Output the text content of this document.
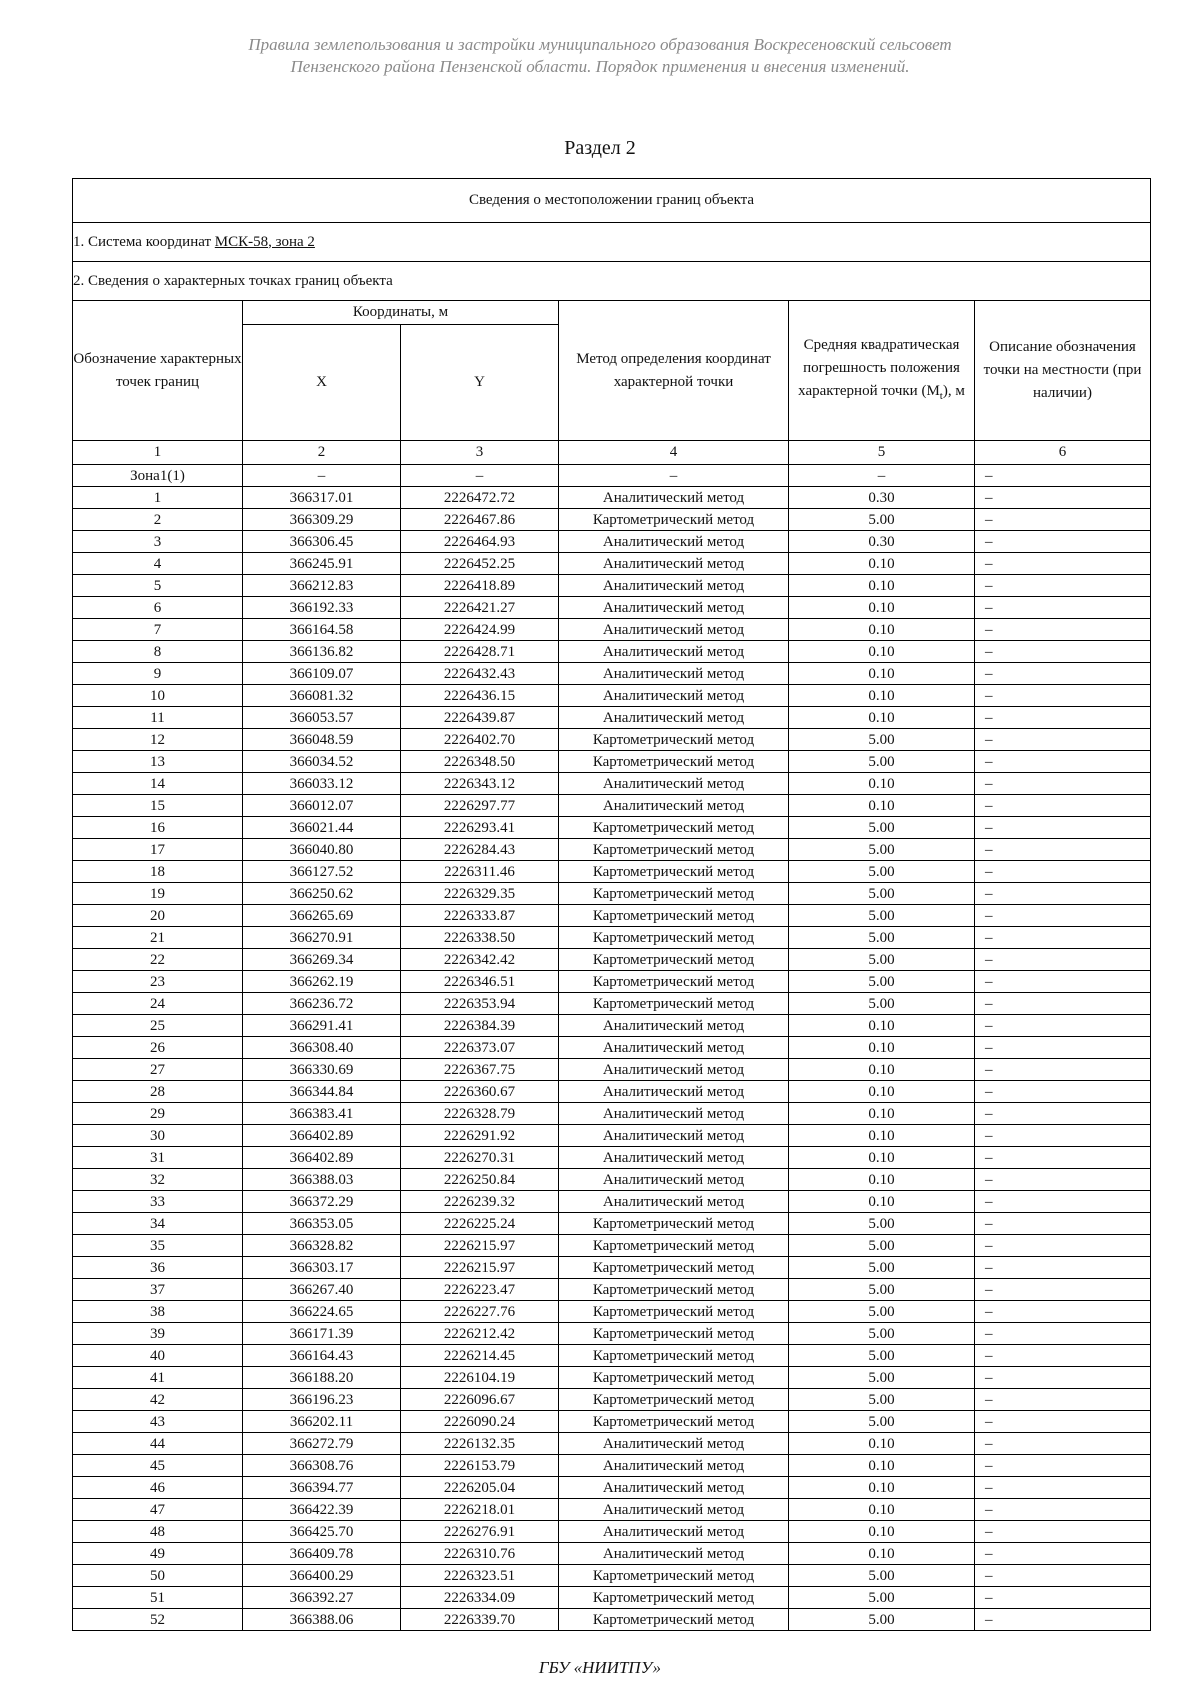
Правила землепользования и застройки муниципального образования Воскресеновский сельсовет
Пензенского района Пензенской области. Порядок применения и внесения изменений.
Раздел 2
Сведения о местоположении границ объекта					
1. Система координат МСК-58, зона 2					
2. Сведения о характерных точках границ объекта					
Обозначение характерных точек границ	Координаты, м		Метод определения координат характерной точки	Средняя квадратическая погрешность положения характерной точки $(M_t)$, м	Описание обозначения точки на местности (при наличии)
	X	Y			
1	2	3	4	5	6
Зона1(1)	–	–	–	–	–
1	366317.01	2226472.72	Аналитический метод	0.30	–
2	366309.29	2226467.86	Картометрический метод	5.00	–
3	366306.45	2226464.93	Аналитический метод	0.30	–
4	366245.91	2226452.25	Аналитический метод	0.10	–
5	366212.83	2226418.89	Аналитический метод	0.10	–
6	366192.33	2226421.27	Аналитический метод	0.10	–
7	366164.58	2226424.99	Аналитический метод	0.10	–
8	366136.82	2226428.71	Аналитический метод	0.10	–
9	366109.07	2226432.43	Аналитический метод	0.10	–
10	366081.32	2226436.15	Аналитический метод	0.10	–
11	366053.57	2226439.87	Аналитический метод	0.10	–
12	366048.59	2226402.70	Картометрический метод	5.00	–
13	366034.52	2226348.50	Картометрический метод	5.00	–
14	366033.12	2226343.12	Аналитический метод	0.10	–
15	366012.07	2226297.77	Аналитический метод	0.10	–
16	366021.44	2226293.41	Картометрический метод	5.00	–
17	366040.80	2226284.43	Картометрический метод	5.00	–
18	366127.52	2226311.46	Картометрический метод	5.00	–
19	366250.62	2226329.35	Картометрический метод	5.00	–
20	366265.69	2226333.87	Картометрический метод	5.00	–
21	366270.91	2226338.50	Картометрический метод	5.00	–
22	366269.34	2226342.42	Картометрический метод	5.00	–
23	366262.19	2226346.51	Картометрический метод	5.00	–
24	366236.72	2226353.94	Картометрический метод	5.00	–
25	366291.41	2226384.39	Аналитический метод	0.10	–
26	366308.40	2226373.07	Аналитический метод	0.10	–
27	366330.69	2226367.75	Аналитический метод	0.10	–
28	366344.84	2226360.67	Аналитический метод	0.10	–
29	366383.41	2226328.79	Аналитический метод	0.10	–
30	366402.89	2226291.92	Аналитический метод	0.10	–
31	366402.89	2226270.31	Аналитический метод	0.10	–
32	366388.03	2226250.84	Аналитический метод	0.10	–
33	366372.29	2226239.32	Аналитический метод	0.10	–
34	366353.05	2226225.24	Картометрический метод	5.00	–
35	366328.82	2226215.97	Картометрический метод	5.00	–
36	366303.17	2226215.97	Картометрический метод	5.00	–
37	366267.40	2226223.47	Картометрический метод	5.00	–
38	366224.65	2226227.76	Картометрический метод	5.00	–
39	366171.39	2226212.42	Картометрический метод	5.00	–
40	366164.43	2226214.45	Картометрический метод	5.00	–
41	366188.20	2226104.19	Картометрический метод	5.00	–
42	366196.23	2226096.67	Картометрический метод	5.00	–
43	366202.11	2226090.24	Картометрический метод	5.00	–
44	366272.79	2226132.35	Аналитический метод	0.10	–
45	366308.76	2226153.79	Аналитический метод	0.10	–
46	366394.77	2226205.04	Аналитический метод	0.10	–
47	366422.39	2226218.01	Аналитический метод	0.10	–
48	366425.70	2226276.91	Аналитический метод	0.10	–
49	366409.78	2226310.76	Аналитический метод	0.10	–
50	366400.29	2226323.51	Картометрический метод	5.00	–
51	366392.27	2226334.09	Картометрический метод	5.00	–
52	366388.06	2226339.70	Картометрический метод	5.00	–
ГБУ «НИИТПУ»
